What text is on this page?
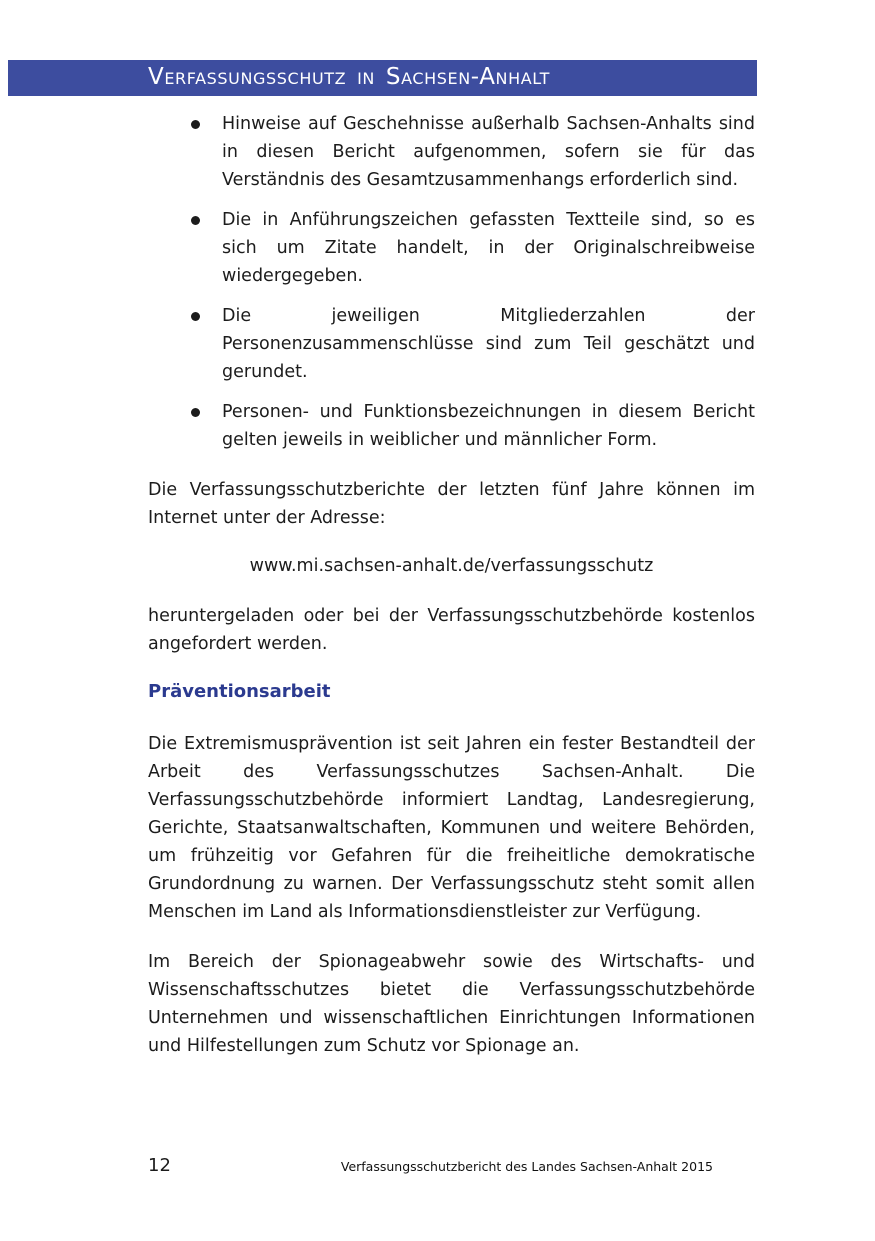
Verfassungsschutz in Sachsen-Anhalt
Hinweise auf Geschehnisse außerhalb Sachsen-Anhalts sind in diesen Bericht aufgenommen, sofern sie für das Verständnis des Gesamtzusammenhangs erforderlich sind.
Die in Anführungszeichen gefassten Textteile sind, so es sich um Zitate handelt, in der Originalschreibweise wiedergegeben.
Die jeweiligen Mitgliederzahlen der Personenzusammenschlüsse sind zum Teil geschätzt und gerundet.
Personen- und Funktionsbezeichnungen in diesem Bericht gelten jeweils in weiblicher und männlicher Form.

Die Verfassungsschutzberichte der letzten fünf Jahre können im Internet unter der Adresse:

www.mi.sachsen-anhalt.de/verfassungsschutz

heruntergeladen oder bei der Verfassungsschutzbehörde kostenlos angefordert werden.

Präventionsarbeit

Die Extremismusprävention ist seit Jahren ein fester Bestandteil der Arbeit des Verfassungsschutzes Sachsen-Anhalt. Die Verfassungsschutzbehörde informiert Landtag, Landesregierung, Gerichte, Staatsanwaltschaften, Kommunen und weitere Behörden, um frühzeitig vor Gefahren für die freiheitliche demokratische Grundordnung zu warnen. Der Verfassungsschutz steht somit allen Menschen im Land als Informationsdienstleister zur Verfügung.

Im Bereich der Spionageabwehr sowie des Wirtschafts- und Wissenschaftsschutzes bietet die Verfassungsschutzbehörde Unternehmen und wissenschaftlichen Einrichtungen Informationen und Hilfestellungen zum Schutz vor Spionage an.

12	Verfassungsschutzbericht des Landes Sachsen-Anhalt 2015
